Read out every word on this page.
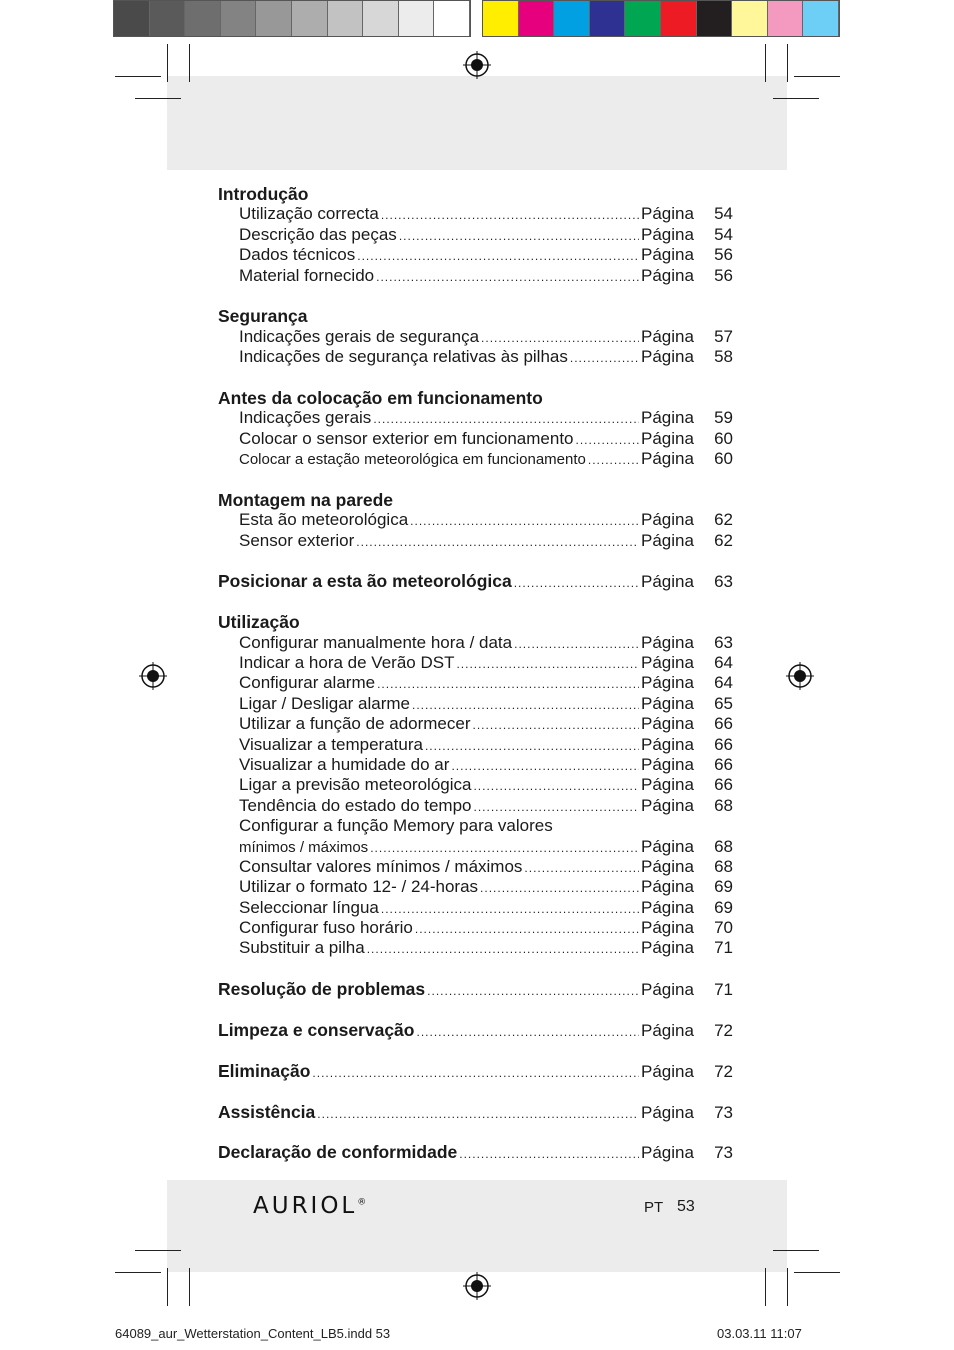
Introdução
Utilização correcta .....	Página	54
Descrição das peças .....	Página	54
Dados técnicos .....	Página	56
Material fornecido .....	Página	56
Segurança
Indicações gerais de segurança .....	Página	57
Indicações de segurança relativas às pilhas .....	Página	58
Antes da colocação em funcionamento
Indicações gerais .....	Página	59
Colocar o sensor exterior em funcionamento .....	Página	60
Colocar a estação meteorológica em funcionamento .....	Página	60
Montagem na parede
Esta ão meteorológica .....	Página	62
Sensor exterior .....	Página	62
Posicionar a esta ão meteorológica .....	Página	63
Utilização
Configurar manualmente hora / data .....	Página	63
Indicar a hora de Verão DST .....	Página	64
Configurar alarme .....	Página	64
Ligar / Desligar alarme .....	Página	65
Utilizar a função de adormecer .....	Página	66
Visualizar a temperatura .....	Página	66
Visualizar a humidade do ar .....	Página	66
Ligar a previsão meteorológica .....	Página	66
Tendência do estado do tempo .....	Página	68
Configurar a função Memory para valores
mínimos / máximos .....	Página	68
Consultar valores mínimos / máximos .....	Página	68
Utilizar o formato 12- / 24-horas .....	Página	69
Seleccionar língua .....	Página	69
Configurar fuso horário .....	Página	70
Substituir a pilha .....	Página	71
Resolução de problemas .....	Página	71
Limpeza e conservação .....	Página	72
Eliminação .....	Página	72
Assistência .....	Página	73
Declaração de conformidade .....	Página	73
AURIOL®	PT 53
64089_aur_Wetterstation_Content_LB5.indd 53	03.03.11 11:07
